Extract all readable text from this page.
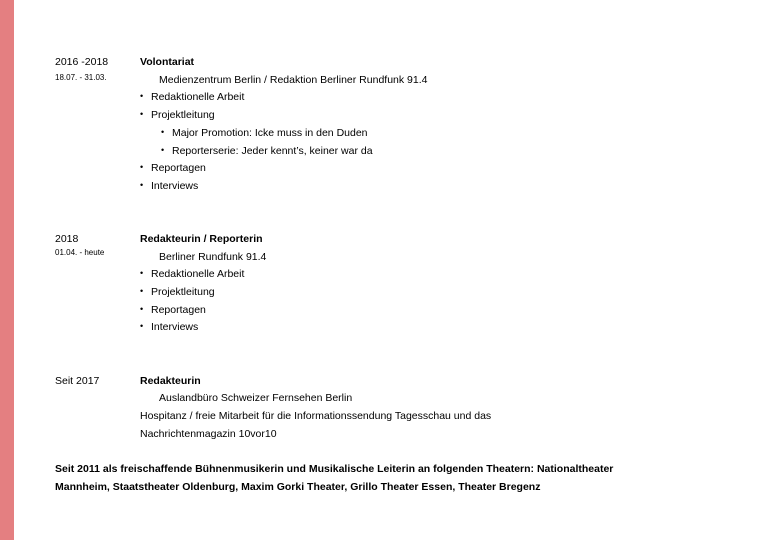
2016 -2018
18.07. - 31.03.
Volontariat
Medienzentrum Berlin / Redaktion Berliner Rundfunk 91.4
• Redaktionelle Arbeit
• Projektleitung
• Major Promotion: Icke muss in den Duden
• Reporterserie: Jeder kennt’s, keiner war da
• Reportagen
• Interviews
2018
01.04. - heute
Redakteurin / Reporterin
Berliner Rundfunk 91.4
• Redaktionelle Arbeit
• Projektleitung
• Reportagen
• Interviews
Seit 2017	Redakteurin
Auslandbüro Schweizer Fernsehen Berlin
Hospitanz / freie Mitarbeit für die Informationssendung Tagesschau und das
Nachrichtenmagazin 10vor10
Seit 2011 als freischaffende Bühnenmusikerin und Musikalische Leiterin an folgenden Theatern: Nationaltheater
Mannheim, Staatstheater Oldenburg, Maxim Gorki Theater, Grillo Theater Essen, Theater Bregenz
